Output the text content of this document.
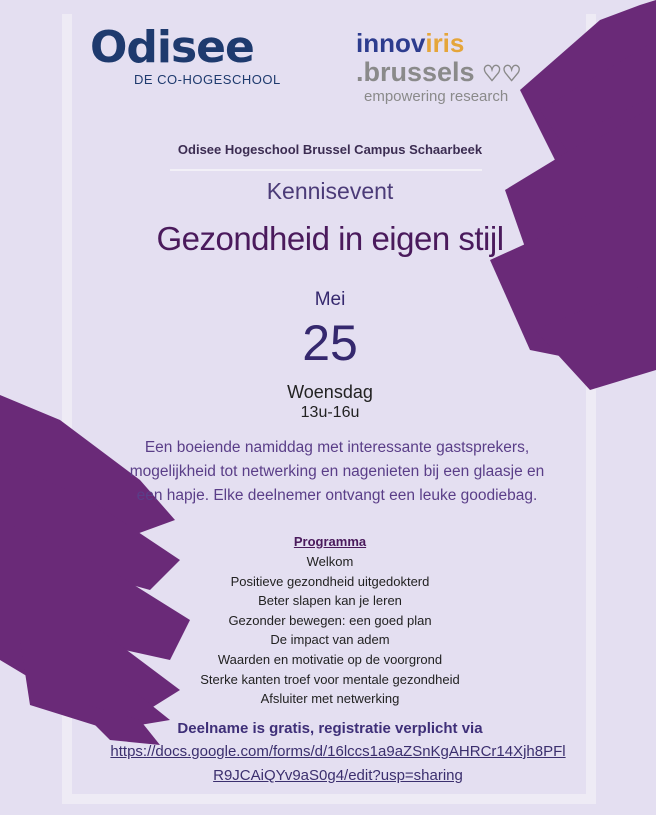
Odisee
DE CO-HOGESCHOOL
innoviris
.brussels ♡♡
empowering research
Odisee Hogeschool Brussel Campus Schaarbeek
Kennisevent
Gezondheid in eigen stijl
Mei
25
Woensdag
13u-16u
Een boeiende namiddag met interessante gastsprekers, mogelijkheid tot netwerking en nagenieten bij een glaasje en een hapje. Elke deelnemer ontvangt een leuke goodiebag.
Programma
Welkom
Positieve gezondheid uitgedokterd
Beter slapen kan je leren
Gezonder bewegen: een goed plan
De impact van adem
Waarden en motivatie op de voorgrond
Sterke kanten troef voor mentale gezondheid
Afsluiter met netwerking
Deelname is gratis, registratie verplicht via
https://docs.google.com/forms/d/16lccs1a9aZSnKgAHRCr14Xjh8PFlR9JCAiQYv9aS0g4/edit?usp=sharing
